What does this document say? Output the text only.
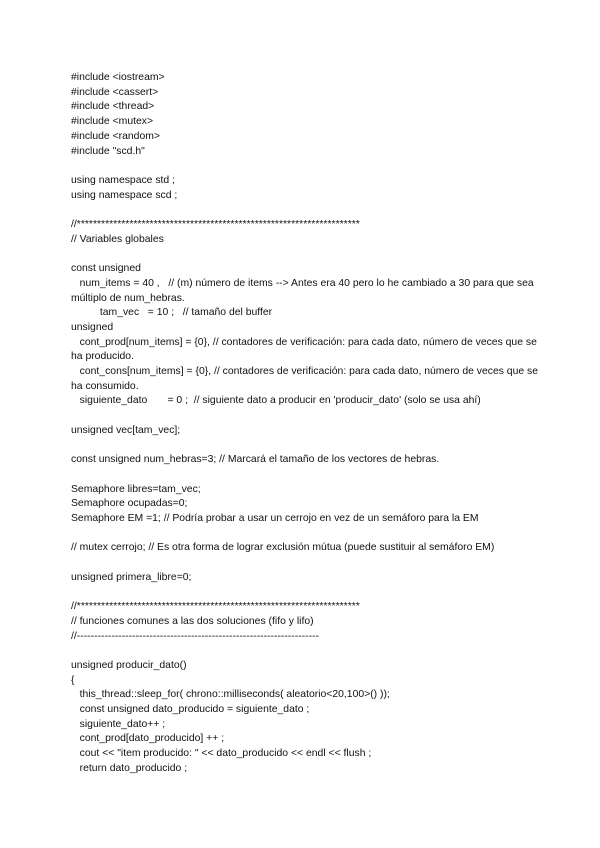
#include <iostream>

#include <cassert>

#include <thread>

#include <mutex>

#include <random>

#include "scd.h"

using namespace std ;

using namespace scd ;

//**********************************************************************

// Variables globales

const unsigned

num_items = 40 ,   // (m) número de items --> Antes era 40 pero lo he cambiado a 30 para que sea múltiplo de num_hebras.

tam_vec   = 10 ;   // tamaño del buffer

unsigned

cont_prod[num_items] = {0}, // contadores de verificación: para cada dato, número de veces que se ha producido.

cont_cons[num_items] = {0}, // contadores de verificación: para cada dato, número de veces que se ha consumido.

siguiente_dato       = 0 ;  // siguiente dato a producir en 'producir_dato' (solo se usa ahí)

unsigned vec[tam_vec];

const unsigned num_hebras=3; // Marcará el tamaño de los vectores de hebras.

Semaphore libres=tam_vec;

Semaphore ocupadas=0;

Semaphore EM =1; // Podría probar a usar un cerrojo en vez de un semáforo para la EM

// mutex cerrojo; // Es otra forma de lograr exclusión mútua (puede sustituir al semáforo EM)

unsigned primera_libre=0;

//**********************************************************************

// funciones comunes a las dos soluciones (fifo y lifo)

//----------------------------------------------------------------------

unsigned producir_dato()

{

this_thread::sleep_for( chrono::milliseconds( aleatorio<20,100>() ));

const unsigned dato_producido = siguiente_dato ;

siguiente_dato++ ;

cont_prod[dato_producido] ++ ;

cout << "item producido: " << dato_producido << endl << flush ;

return dato_producido ;
